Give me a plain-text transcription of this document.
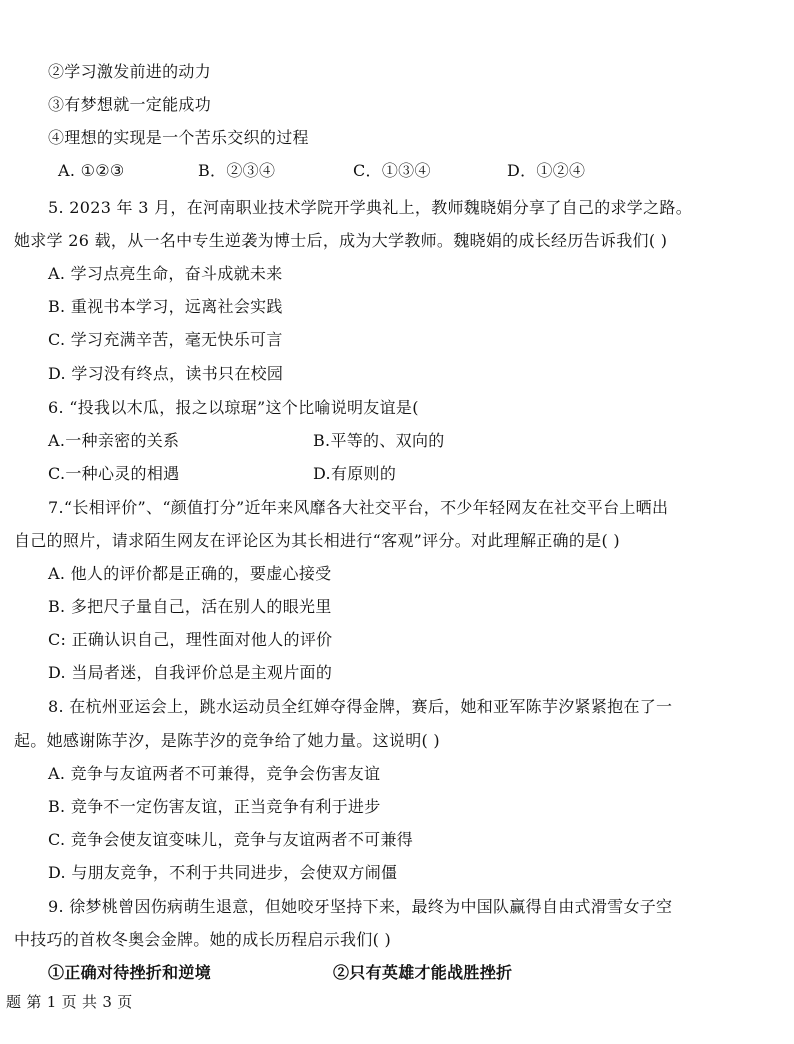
②学习激发前进的动力
③有梦想就一定能成功
④理想的实现是一个苦乐交织的过程
A. ①②③	B．②③④	C．①③④	D．①②④
5. 2023 年 3 月，在河南职业技术学院开学典礼上，教师魏晓娟分享了自己的求学之路。
她求学 26 载，从一名中专生逆袭为博士后，成为大学教师。魏晓娟的成长经历告诉我们( )
A. 学习点亮生命，奋斗成就未来
B. 重视书本学习，远离社会实践
C. 学习充满辛苦，毫无快乐可言
D. 学习没有终点，读书只在校园
6. “投我以木瓜，报之以琼琚”这个比喻说明友谊是(
A.一种亲密的关系	B.平等的、双向的
C.一种心灵的相遇	D.有原则的
7.“长相评价”、“颜值打分”近年来风靡各大社交平台，不少年轻网友在社交平台上晒出
自己的照片，请求陌生网友在评论区为其长相进行“客观”评分。对此理解正确的是( )
A. 他人的评价都是正确的，要虚心接受
B. 多把尺子量自己，活在别人的眼光里
C: 正确认识自己，理性面对他人的评价
D. 当局者迷，自我评价总是主观片面的
8. 在杭州亚运会上，跳水运动员全红婵夺得金牌，赛后，她和亚军陈芋汐紧紧抱在了一
起。她感谢陈芋汐，是陈芋汐的竞争给了她力量。这说明( )
A. 竞争与友谊两者不可兼得，竞争会伤害友谊
B. 竞争不一定伤害友谊，正当竞争有利于进步
C. 竞争会使友谊变味儿，竞争与友谊两者不可兼得
D. 与朋友竞争，不利于共同进步，会使双方闹僵
9. 徐梦桃曾因伤病萌生退意，但她咬牙坚持下来，最终为中国队赢得自由式滑雪女子空
中技巧的首枚冬奥会金牌。她的成长历程启示我们( )
①正确对待挫折和逆境	②只有英雄才能战胜挫折
题 第 1 页 共 3 页
